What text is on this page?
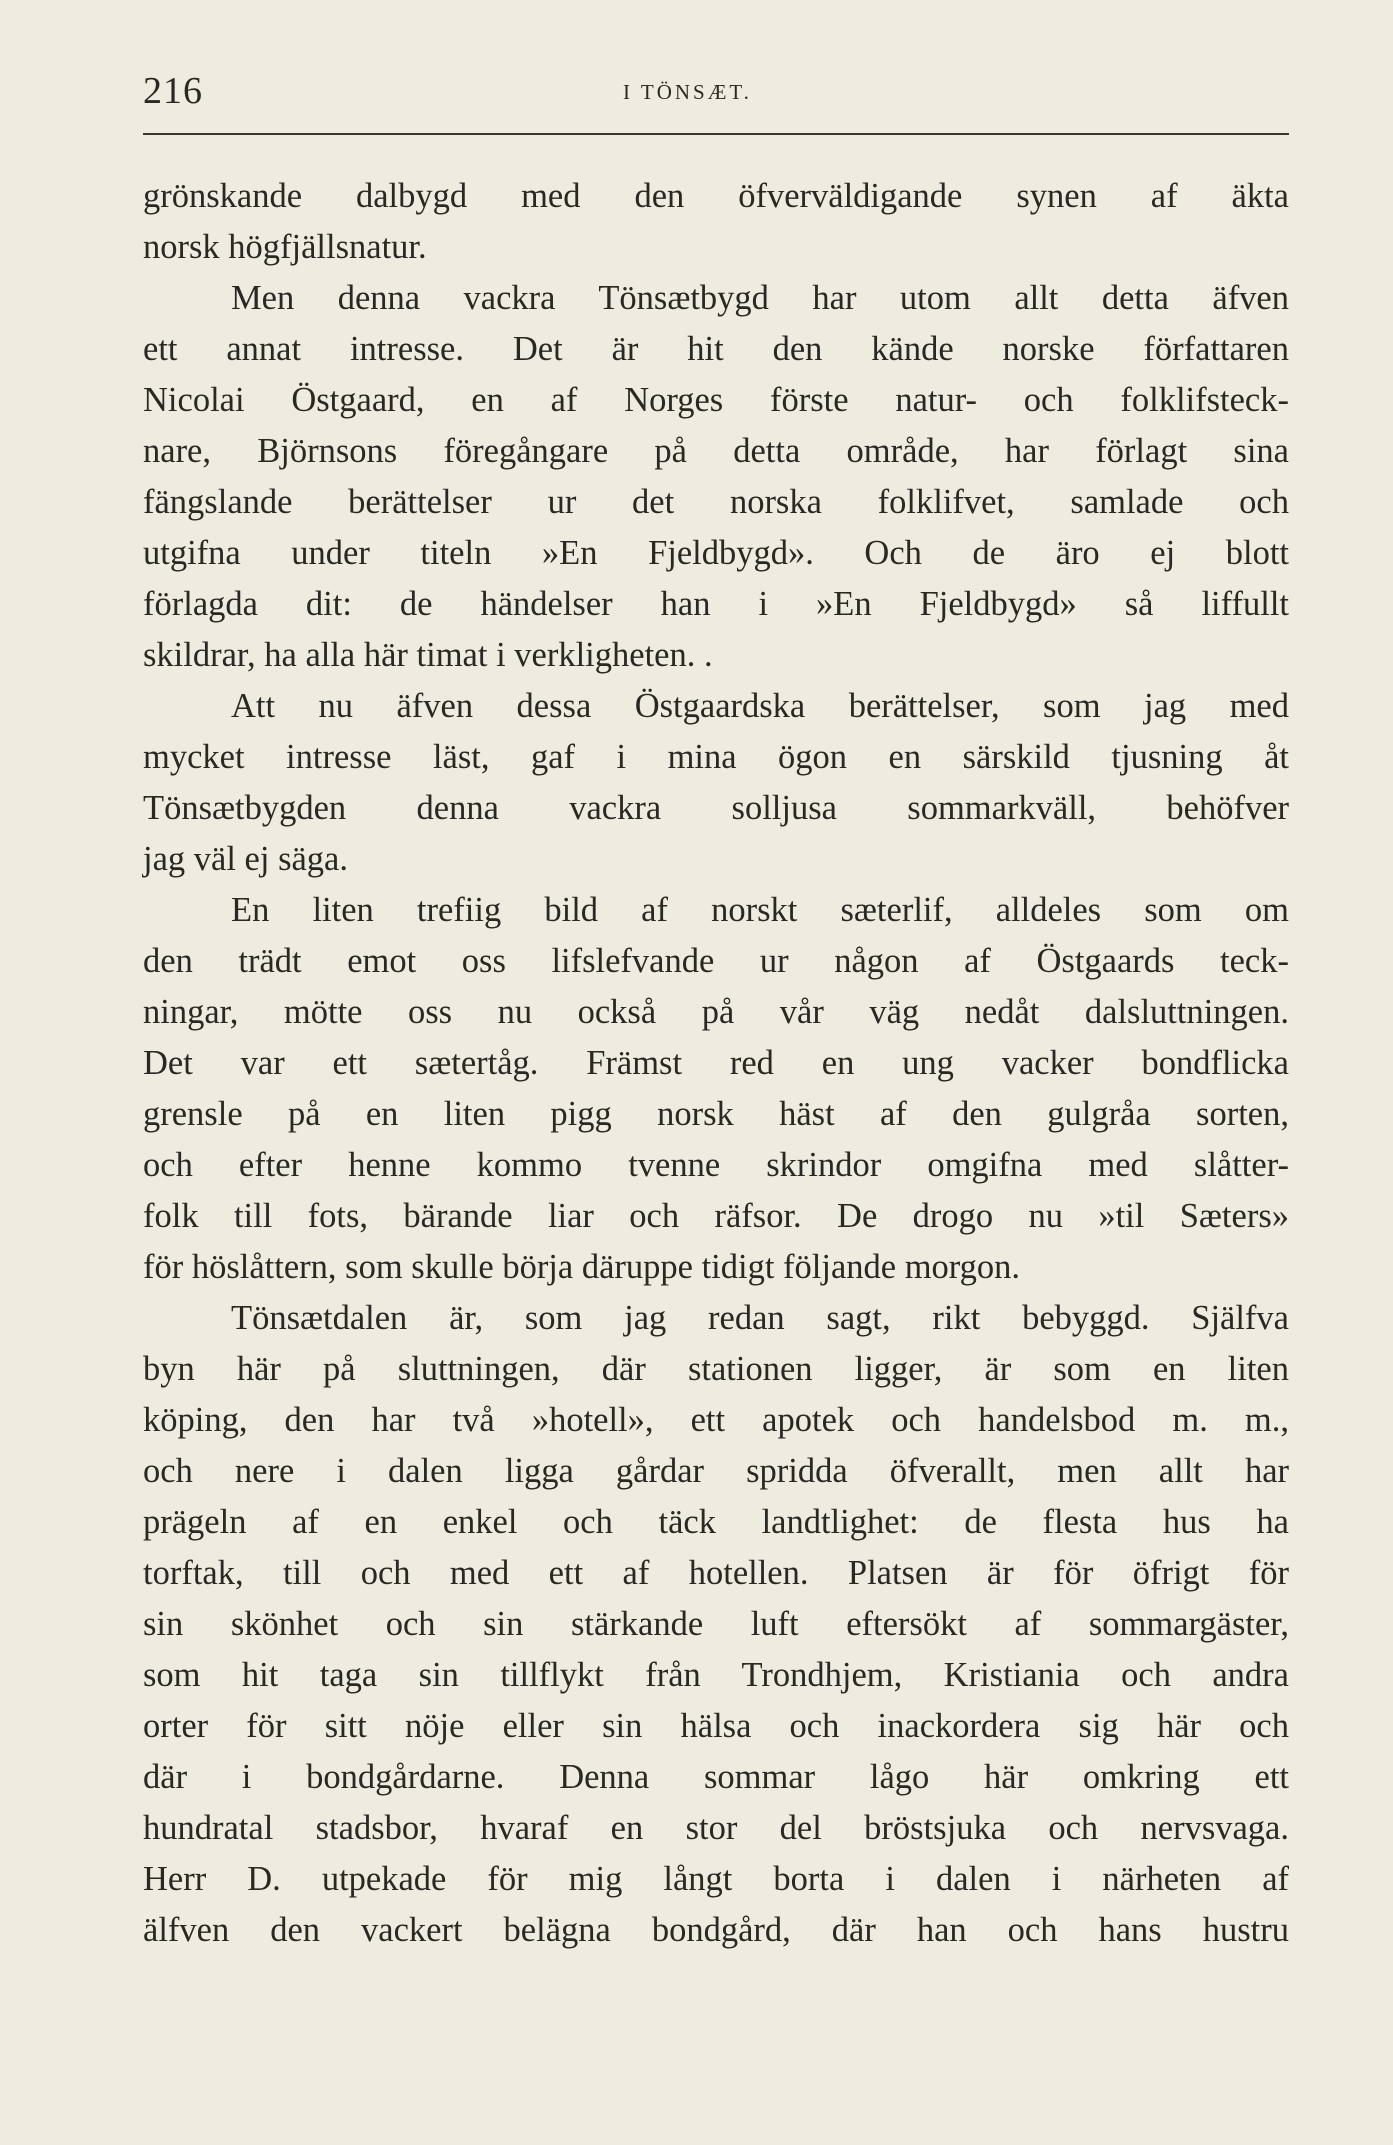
216	I TÖNSÆT.
grönskande dalbygd med den öfverväldigande synen af äkta
norsk högfjällsnatur.
Men denna vackra Tönsætbygd har utom allt detta äfven
ett annat intresse. Det är hit den kände norske författaren
Nicolai Östgaard, en af Norges förste natur- och folklifsteck-
nare, Björnsons föregångare på detta område, har förlagt sina
fängslande berättelser ur det norska folklifvet, samlade och
utgifna under titeln »En Fjeldbygd». Och de äro ej blott
förlagda dit: de händelser han i »En Fjeldbygd» så liffullt
skildrar, ha alla här timat i verkligheten. .
Att nu äfven dessa Östgaardska berättelser, som jag med
mycket intresse läst, gaf i mina ögon en särskild tjusning åt
Tönsætbygden denna vackra solljusa sommarkväll, behöfver
jag väl ej säga.
En liten trefiig bild af norskt sæterlif, alldeles som om
den trädt emot oss lifslefvande ur någon af Östgaards teck-
ningar, mötte oss nu också på vår väg nedåt dalsluttningen.
Det var ett sætertåg. Främst red en ung vacker bondflicka
grensle på en liten pigg norsk häst af den gulgråa sorten,
och efter henne kommo tvenne skrindor omgifna med slåtter-
folk till fots, bärande liar och räfsor. De drogo nu »til Sæters»
för höslåttern, som skulle börja däruppe tidigt följande morgon.
Tönsætdalen är, som jag redan sagt, rikt bebyggd. Själfva
byn här på sluttningen, där stationen ligger, är som en liten
köping, den har två »hotell», ett apotek och handelsbod m. m.,
och nere i dalen ligga gårdar spridda öfverallt, men allt har
prägeln af en enkel och täck landtlighet: de flesta hus ha
torftak, till och med ett af hotellen. Platsen är för öfrigt för
sin skönhet och sin stärkande luft eftersökt af sommargäster,
som hit taga sin tillflykt från Trondhjem, Kristiania och andra
orter för sitt nöje eller sin hälsa och inackordera sig här och
där i bondgårdarne. Denna sommar lågo här omkring ett
hundratal stadsbor, hvaraf en stor del bröstsjuka och nervsvaga.
Herr D. utpekade för mig långt borta i dalen i närheten af
älfven den vackert belägna bondgård, där han och hans hustru
